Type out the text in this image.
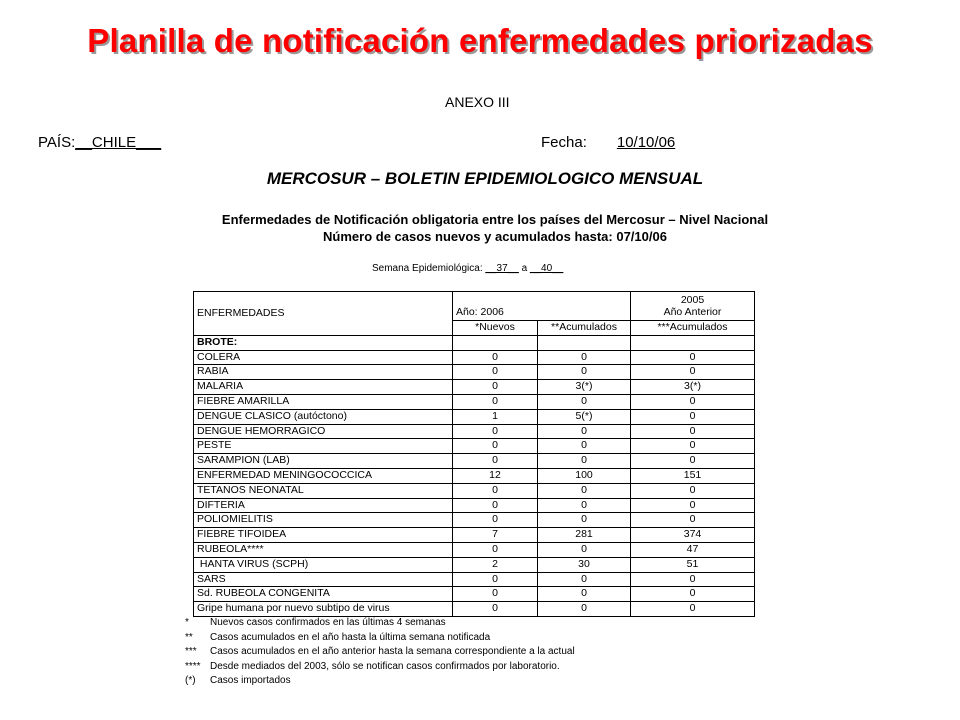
Planilla de notificación enfermedades priorizadas
ANEXO III
PAÍS:__CHILE___	Fecha: 10/10/06
MERCOSUR – BOLETIN EPIDEMIOLOGICO MENSUAL
Enfermedades de Notificación obligatoria entre los países del Mercosur – Nivel Nacional
Número de casos nuevos y acumulados hasta: 07/10/06
Semana Epidemiológica: __37__ a __40__
ENFERMEDADES	Año: 2006		2005
Año Anterior

	*Nuevos	**Acumulados	***Acumulados
BROTE:			
COLERA	0	0	0
RABIA	0	0	0
MALARIA	0	3(*)	3(*)
FIEBRE AMARILLA	0	0	0
DENGUE CLASICO (autóctono)	1	5(*)	0
DENGUE HEMORRAGICO	0	0	0
PESTE	0	0	0
SARAMPION (LAB)	0	0	0
ENFERMEDAD MENINGOCOCCICA	12	100	151
TETANOS NEONATAL	0	0	0
DIFTERIA	0	0	0
POLIOMIELITIS	0	0	0
FIEBRE TIFOIDEA	7	281	374
RUBEOLA****	0	0	47
HANTA VIRUS (SCPH)	2	30	51
SARS	0	0	0
Sd. RUBEOLA CONGENITA	0	0	0
Gripe humana por nuevo subtipo de virus	0	0	0
* Nuevos casos confirmados en las últimas 4 semanas
** Casos acumulados en el año hasta la última semana notificada
*** Casos acumulados en el año anterior hasta la semana correspondiente a la actual
**** Desde mediados del 2003, sólo se notifican casos confirmados por laboratorio.
(*) Casos importados
